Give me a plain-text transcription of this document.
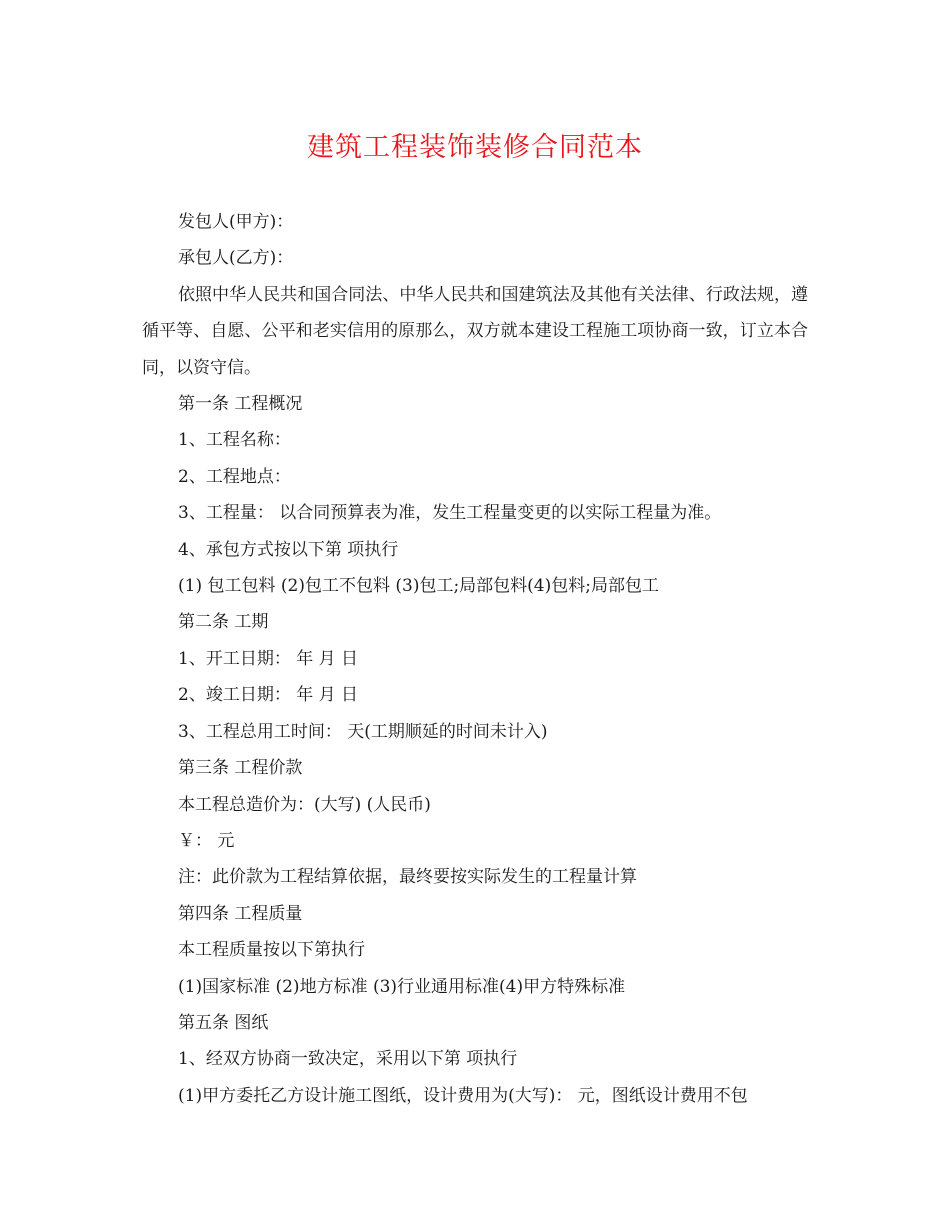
建筑工程装饰装修合同范本

发包人(甲方)：

承包人(乙方)：

依照中华人民共和国合同法、中华人民共和国建筑法及其他有关法律、行政法规，遵循平等、自愿、公平和老实信用的原那么，双方就本建设工程施工项协商一致，订立本合同，以资守信。

第一条 工程概况

1、工程名称：

2、工程地点：

3、工程量： 以合同预算表为准，发生工程量变更的以实际工程量为准。

4、承包方式按以下第 项执行

(1) 包工包料 (2)包工不包料 (3)包工;局部包料(4)包料;局部包工

第二条 工期

1、开工日期： 年 月 日

2、竣工日期： 年 月 日

3、工程总用工时间： 天(工期顺延的时间未计入)

第三条 工程价款

本工程总造价为：(大写) (人民币)

￥： 元

注：此价款为工程结算依据，最终要按实际发生的工程量计算

第四条 工程质量

本工程质量按以下第执行

(1)国家标准 (2)地方标准 (3)行业通用标准(4)甲方特殊标准

第五条 图纸

1、经双方协商一致决定，采用以下第 项执行

(1)甲方委托乙方设计施工图纸，设计费用为(大写)： 元，图纸设计费用不包
